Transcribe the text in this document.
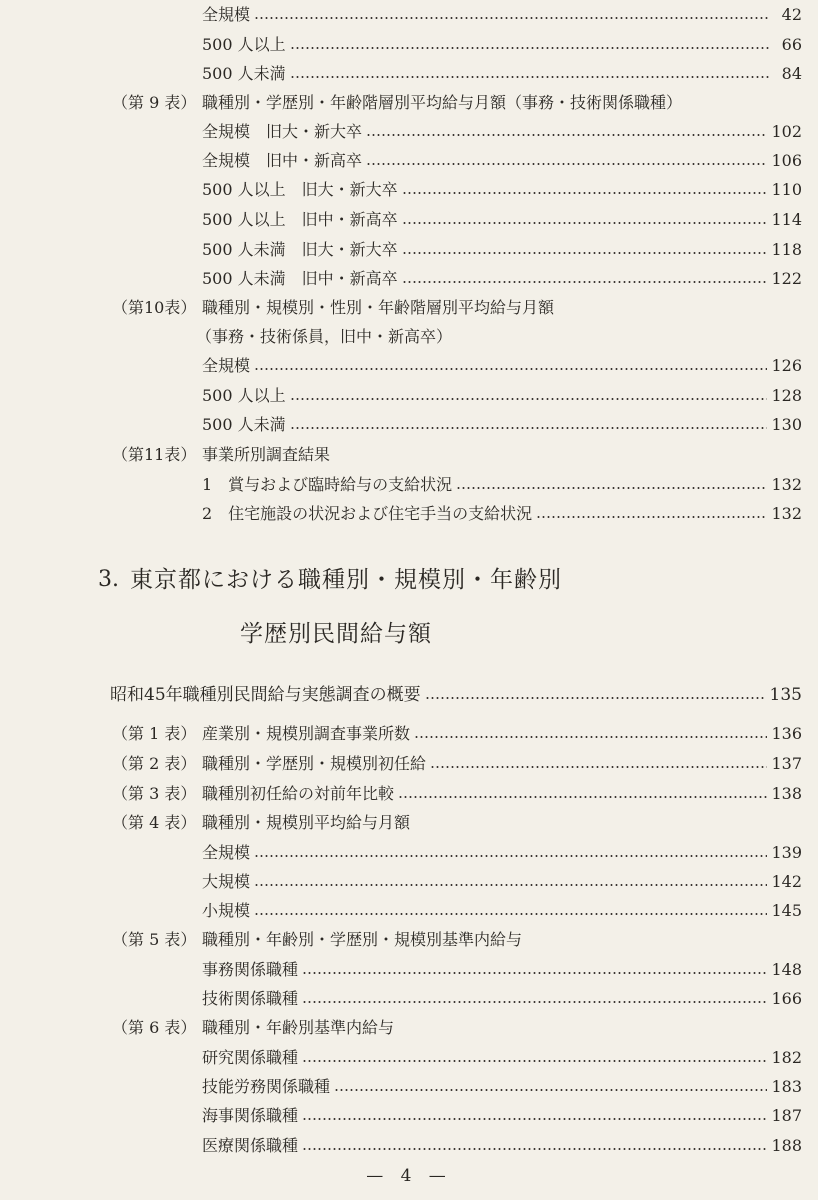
全規模	42
500 人以上	66
500 人未満	84
（第 9 表） 職種別・学歴別・年齢階層別平均給与月額（事務・技術関係職種）
全規模　旧大・新大卒	102
全規模　旧中・新高卒	106
500 人以上　旧大・新大卒	110
500 人以上　旧中・新高卒	114
500 人未満　旧大・新大卒	118
500 人未満　旧中・新高卒	122
（第10表） 職種別・規模別・性別・年齢階層別平均給与月額
（事務・技術係員，旧中・新高卒）
全規模	126
500 人以上	128
500 人未満	130
（第11表） 事業所別調査結果
1　賞与および臨時給与の支給状況	132
2　住宅施設の状況および住宅手当の支給状況	132
3. 東京都における職種別・規模別・年齢別
学歴別民間給与額
昭和45年職種別民間給与実態調査の概要	135
（第 1 表） 産業別・規模別調査事業所数	136
（第 2 表） 職種別・学歴別・規模別初任給	137
（第 3 表） 職種別初任給の対前年比較	138
（第 4 表） 職種別・規模別平均給与月額
全規模	139
大規模	142
小規模	145
（第 5 表） 職種別・年齢別・学歴別・規模別基準内給与
事務関係職種	148
技術関係職種	166
（第 6 表） 職種別・年齢別基準内給与
研究関係職種	182
技能労務関係職種	183
海事関係職種	187
医療関係職種	188
— 4 —
